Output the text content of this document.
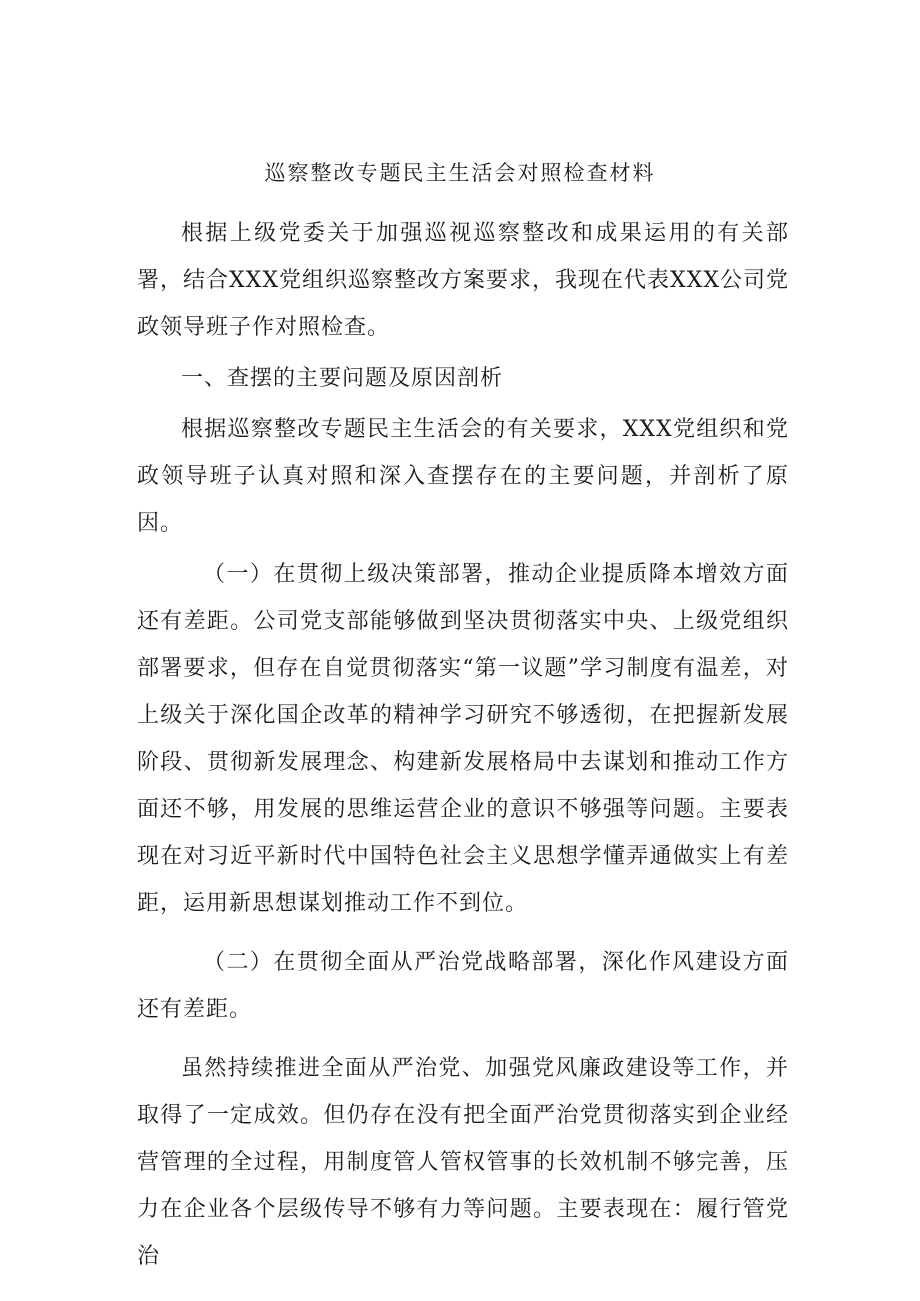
巡察整改专题民主生活会对照检查材料

根据上级党委关于加强巡视巡察整改和成果运用的有关部署，结合XXX党组织巡察整改方案要求，我现在代表XXX公司党政领导班子作对照检查。

一、查摆的主要问题及原因剖析

根据巡察整改专题民主生活会的有关要求，XXX党组织和党政领导班子认真对照和深入查摆存在的主要问题，并剖析了原因。

（一）在贯彻上级决策部署，推动企业提质降本增效方面还有差距。公司党支部能够做到坚决贯彻落实中央、上级党组织部署要求，但存在自觉贯彻落实“第一议题”学习制度有温差，对上级关于深化国企改革的精神学习研究不够透彻，在把握新发展阶段、贯彻新发展理念、构建新发展格局中去谋划和推动工作方面还不够，用发展的思维运营企业的意识不够强等问题。主要表现在对习近平新时代中国特色社会主义思想学懂弄通做实上有差距，运用新思想谋划推动工作不到位。

（二）在贯彻全面从严治党战略部署，深化作风建设方面还有差距。

虽然持续推进全面从严治党、加强党风廉政建设等工作，并取得了一定成效。但仍存在没有把全面严治党贯彻落实到企业经营管理的全过程，用制度管人管权管事的长效机制不够完善，压力在企业各个层级传导不够有力等问题。主要表现在：履行管党治
